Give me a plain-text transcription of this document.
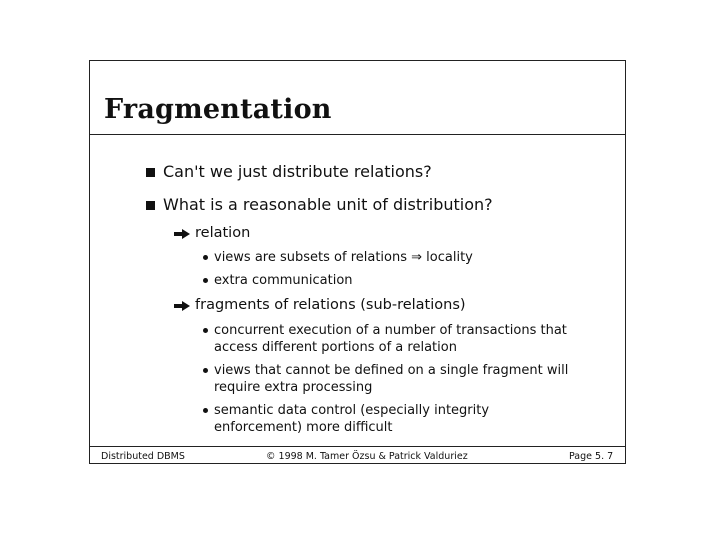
Fragmentation
Can't we just distribute relations?
What is a reasonable unit of distribution?
relation
views are subsets of relations ⇒ locality
extra communication
fragments of relations (sub-relations)
concurrent execution of a number of transactions that
access different portions of a relation
views that cannot be defined on a single fragment will
require extra processing
semantic data control (especially integrity
enforcement) more difficult
Distributed DBMS	© 1998 M. Tamer Özsu & Patrick Valduriez	Page 5. 7
